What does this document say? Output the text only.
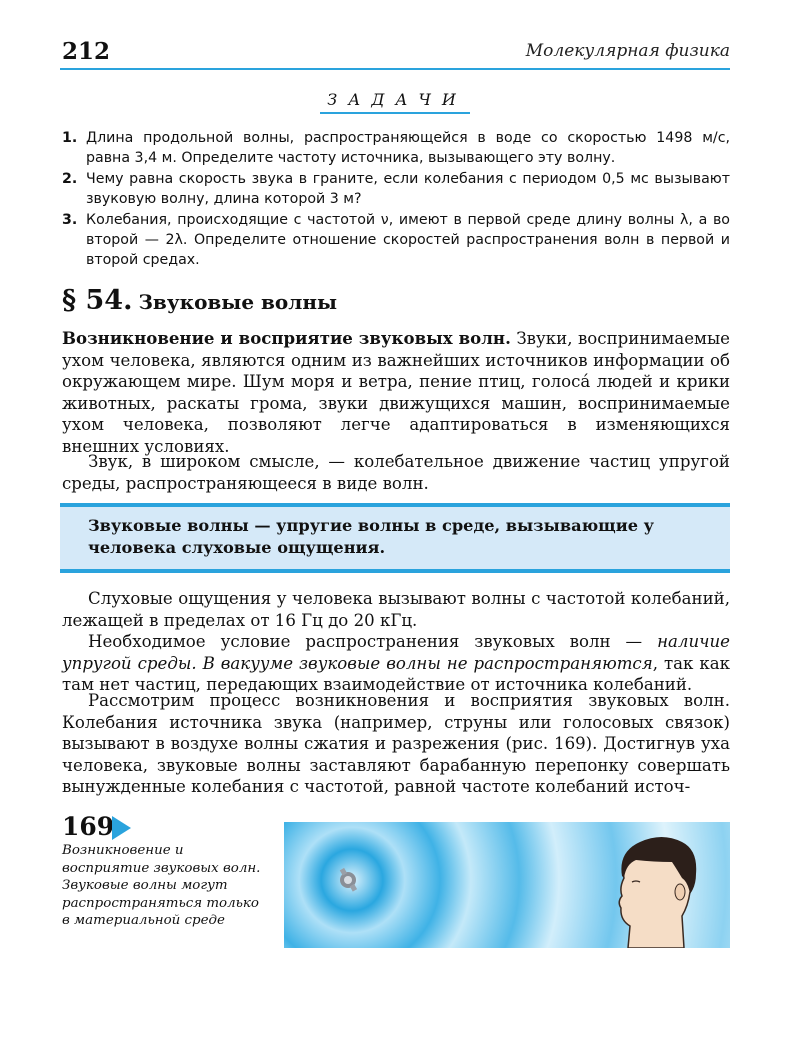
212	Молекулярная физика
ЗАДАЧИ
1. Длина продольной волны, распространяющейся в воде со скоростью 1498 м/с, равна 3,4 м. Определите частоту источника, вызывающего эту волну.
2. Чему равна скорость звука в граните, если колебания с периодом 0,5 мс вызывают звуковую волну, длина которой 3 м?
3. Колебания, происходящие с частотой ν, имеют в первой среде длину волны λ, а во второй — 2λ. Определите отношение скоростей распространения волн в первой и второй средах.
§ 54. Звуковые волны
Возникновение и восприятие звуковых волн. Звуки, воспринимаемые ухом человека, являются одним из важнейших источников информации об окружающем мире. Шум моря и ветра, пение птиц, голоса́ людей и крики животных, раскаты грома, звуки движущихся машин, воспринимаемые ухом человека, позволяют легче адаптироваться в изменяющихся внешних условиях.
Звук, в широком смысле, — колебательное движение частиц упругой среды, распространяющееся в виде волн.
Звуковые волны — упругие волны в среде, вызывающие у человека слуховые ощущения.
Слуховые ощущения у человека вызывают волны с частотой колебаний, лежащей в пределах от 16 Гц до 20 кГц.
Необходимое условие распространения звуковых волн — наличие упругой среды. В вакууме звуковые волны не распространяются, так как там нет частиц, передающих взаимодействие от источника колебаний.
Рассмотрим процесс возникновения и восприятия звуковых волн. Колебания источника звука (например, струны или голосовых связок) вызывают в воздухе волны сжатия и разрежения (рис. 169). Достигнув уха человека, звуковые волны заставляют барабанную перепонку совершать вынужденные колебания с частотой, равной частоте колебаний источ-
169
Возникновение и восприятие звуковых волн. Звуковые волны могут распространяться только в материальной среде
